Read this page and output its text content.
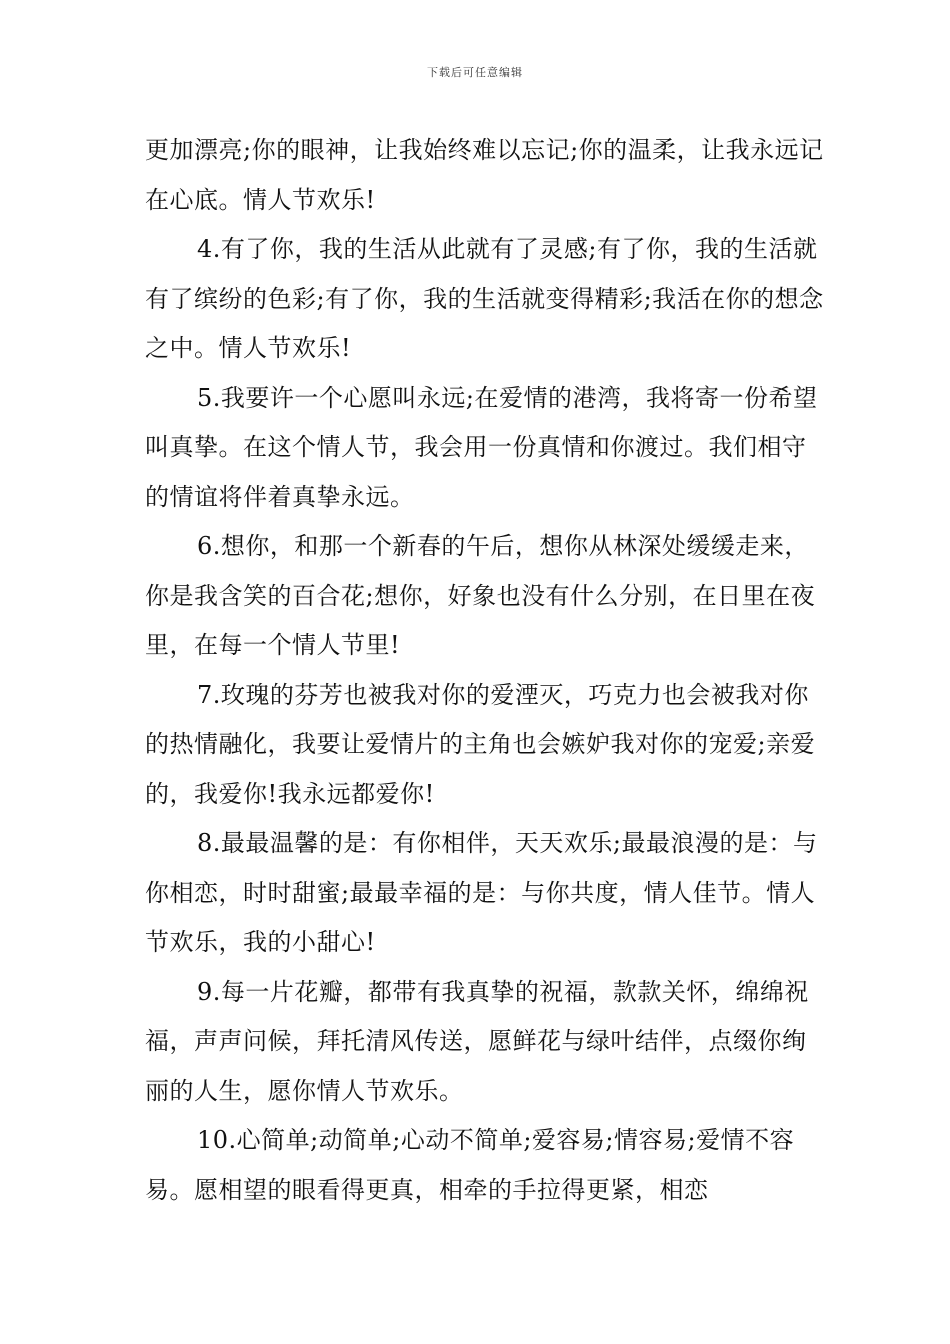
下载后可任意编辑

更加漂亮;你的眼神，让我始终难以忘记;你的温柔，让我永远记在心底。情人节欢乐!

4.有了你，我的生活从此就有了灵感;有了你，我的生活就有了缤纷的色彩;有了你，我的生活就变得精彩;我活在你的想念之中。情人节欢乐!

5.我要许一个心愿叫永远;在爱情的港湾，我将寄一份希望叫真挚。在这个情人节，我会用一份真情和你渡过。我们相守的情谊将伴着真挚永远。

6.想你，和那一个新春的午后，想你从林深处缓缓走来，你是我含笑的百合花;想你，好象也没有什么分别，在日里在夜里，在每一个情人节里!

7.玫瑰的芬芳也被我对你的爱湮灭，巧克力也会被我对你的热情融化，我要让爱情片的主角也会嫉妒我对你的宠爱;亲爱的，我爱你!我永远都爱你!

8.最最温馨的是：有你相伴，天天欢乐;最最浪漫的是：与你相恋，时时甜蜜;最最幸福的是：与你共度，情人佳节。情人节欢乐，我的小甜心!

9.每一片花瓣，都带有我真挚的祝福，款款关怀，绵绵祝福，声声问候，拜托清风传送，愿鲜花与绿叶结伴，点缀你绚丽的人生，愿你情人节欢乐。

10.心简单;动简单;心动不简单;爱容易;情容易;爱情不容易。愿相望的眼看得更真，相牵的手拉得更紧，相恋
